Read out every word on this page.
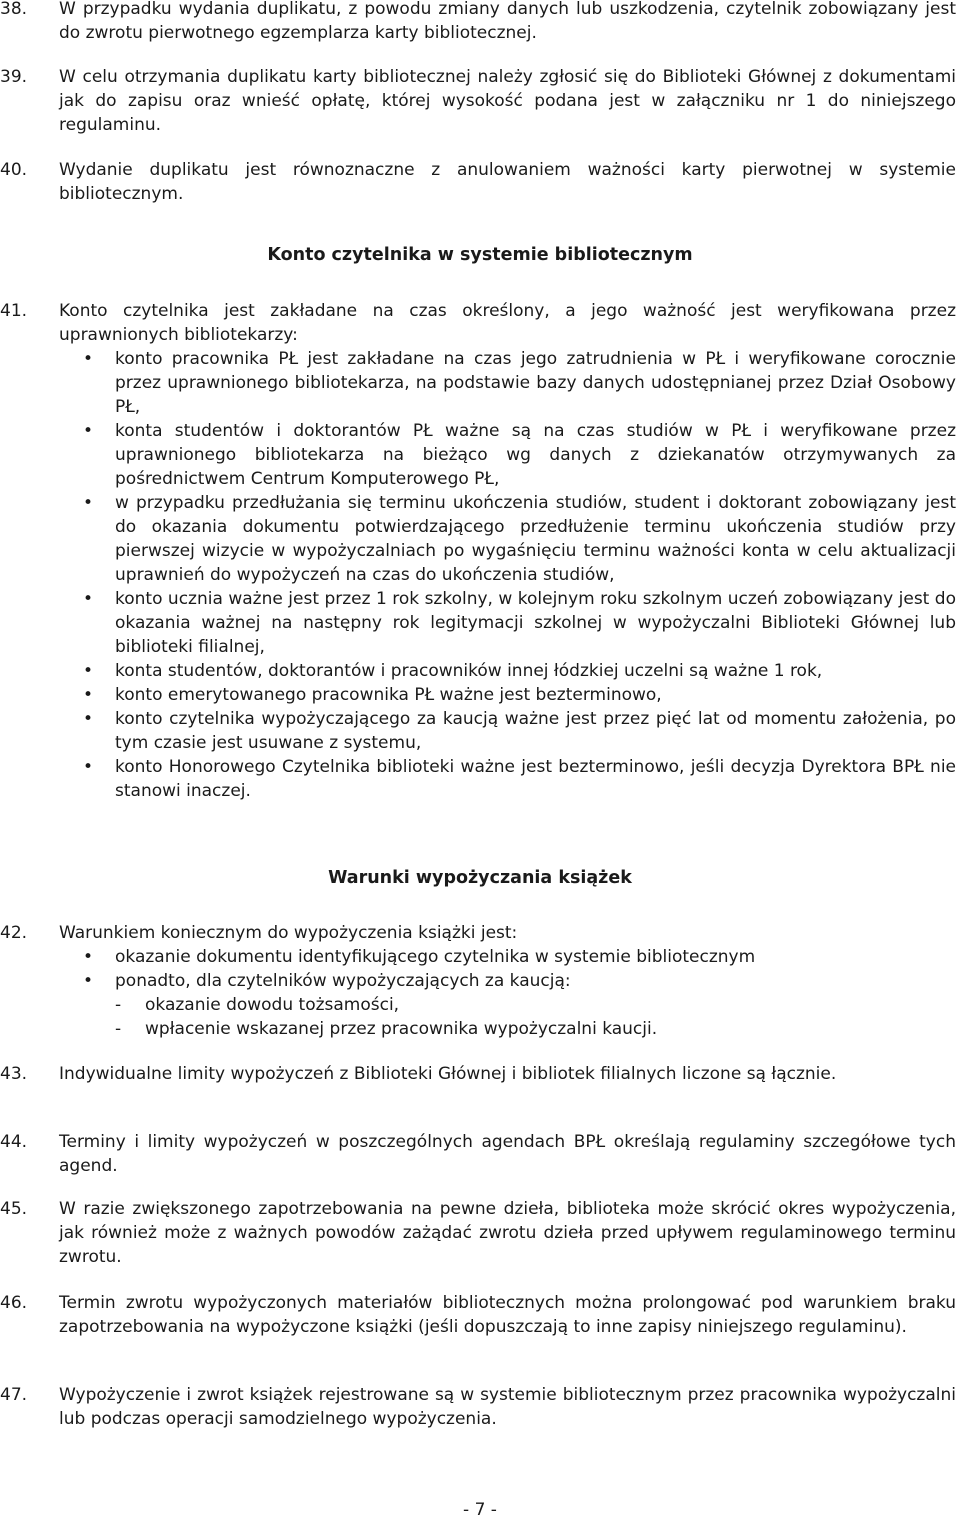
38.	W przypadku wydania duplikatu, z powodu zmiany danych lub uszkodzenia, czytelnik zobowiązany jest do zwrotu pierwotnego egzemplarza karty bibliotecznej.
39.	W celu otrzymania duplikatu karty bibliotecznej należy zgłosić się do Biblioteki Głównej z dokumentami jak do zapisu oraz wnieść opłatę, której wysokość podana jest w załączniku nr 1 do niniejszego regulaminu.
40.	Wydanie duplikatu jest równoznaczne z anulowaniem ważności karty pierwotnej w systemie bibliotecznym.
Konto czytelnika w systemie bibliotecznym
41.	Konto czytelnika jest zakładane na czas określony, a jego ważność jest weryfikowana przez uprawnionych bibliotekarzy:
• konto pracownika PŁ jest zakładane na czas jego zatrudnienia w PŁ i weryfikowane corocznie przez uprawnionego bibliotekarza, na podstawie bazy danych udostępnianej przez Dział Osobowy PŁ,
• konta studentów i doktorantów PŁ ważne są na czas studiów w PŁ i weryfikowane przez uprawnionego bibliotekarza na bieżąco wg danych z dziekanatów otrzymywanych za pośrednictwem Centrum Komputerowego PŁ,
• w przypadku przedłużania się terminu ukończenia studiów, student i doktorant zobowiązany jest do okazania dokumentu potwierdzającego przedłużenie terminu ukończenia studiów przy pierwszej wizycie w wypożyczalniach po wygaśnięciu terminu ważności konta w celu aktualizacji uprawnień do wypożyczeń na czas do ukończenia studiów,
• konto ucznia ważne jest przez 1 rok szkolny, w kolejnym roku szkolnym uczeń zobowiązany jest do okazania ważnej na następny rok legitymacji szkolnej w wypożyczalni Biblioteki Głównej lub biblioteki filialnej,
• konta studentów, doktorantów i pracowników innej łódzkiej uczelni są ważne 1 rok,
• konto emerytowanego pracownika PŁ ważne jest bezterminowo,
• konto czytelnika wypożyczającego za kaucją ważne jest przez pięć lat od momentu założenia, po tym czasie jest usuwane z systemu,
• konto Honorowego Czytelnika biblioteki ważne jest bezterminowo, jeśli decyzja Dyrektora BPŁ nie stanowi inaczej.
Warunki wypożyczania książek
42.	Warunkiem koniecznym do wypożyczenia książki jest:
• okazanie dokumentu identyfikującego czytelnika w systemie bibliotecznym
• ponadto, dla czytelników wypożyczających za kaucją:
- okazanie dowodu tożsamości,
- wpłacenie wskazanej przez pracownika wypożyczalni kaucji.
43.	Indywidualne limity wypożyczeń z Biblioteki Głównej i bibliotek filialnych liczone są łącznie.
44.	Terminy i limity wypożyczeń w poszczególnych agendach BPŁ określają regulaminy szczegółowe tych agend.
45.	W razie zwiększonego zapotrzebowania na pewne dzieła, biblioteka może skrócić okres wypożyczenia, jak również może z ważnych powodów zażądać zwrotu dzieła przed upływem regulaminowego terminu zwrotu.
46.	Termin zwrotu wypożyczonych materiałów bibliotecznych można prolongować pod warunkiem braku zapotrzebowania na wypożyczone książki (jeśli dopuszczają to inne zapisy niniejszego regulaminu).
47.	Wypożyczenie i zwrot książek rejestrowane są w systemie bibliotecznym przez pracownika wypożyczalni lub podczas operacji samodzielnego wypożyczenia.
- 7 -
